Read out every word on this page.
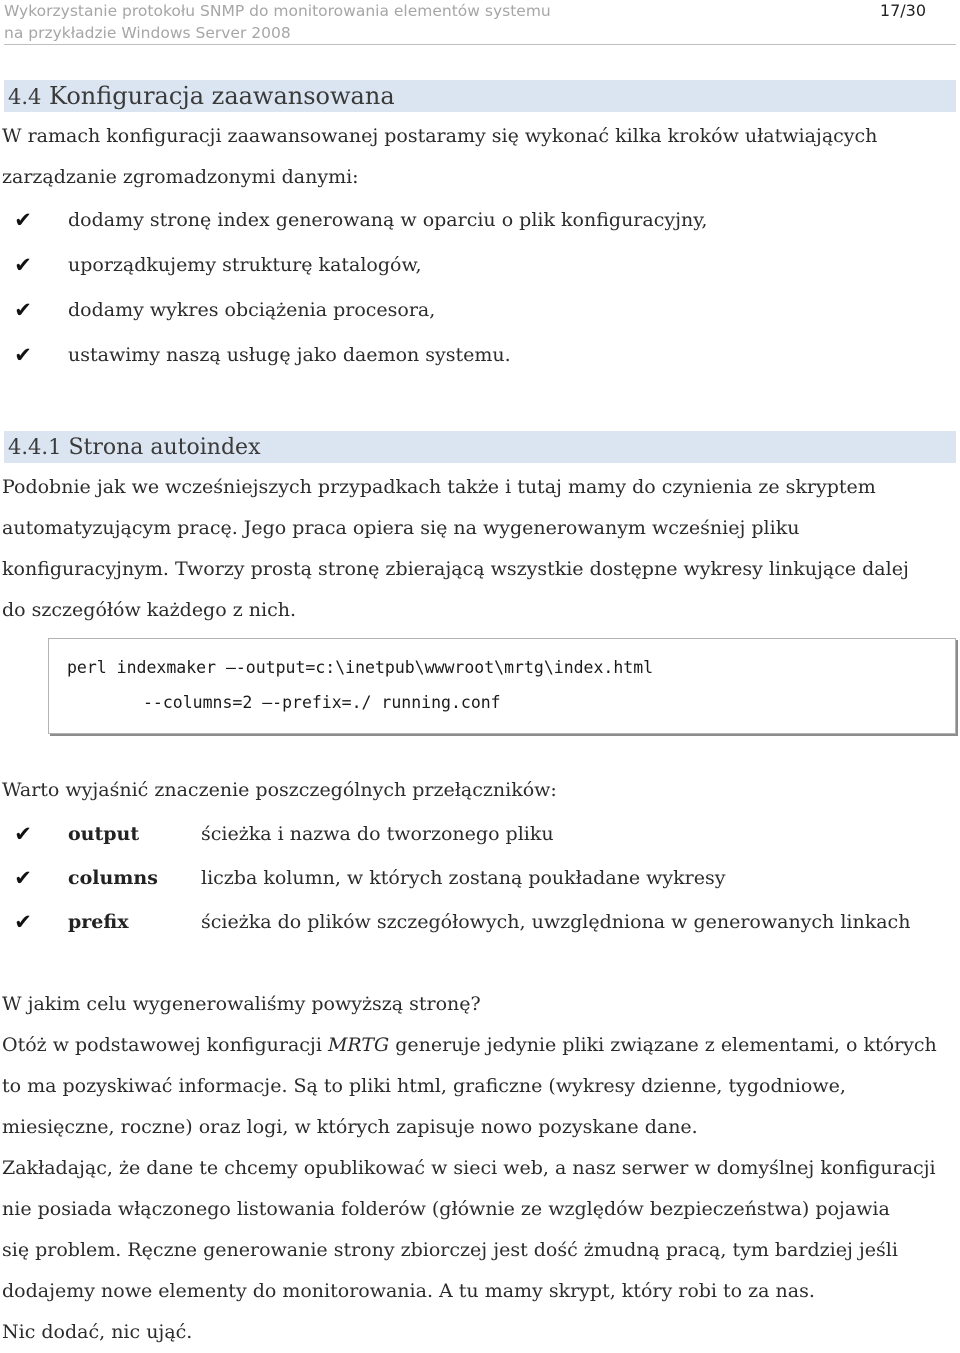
Wykorzystanie protokołu SNMP do monitorowania elementów systemu
na przykładzie Windows Server 2008
17/30
4.4 Konfiguracja zaawansowana

W ramach konfiguracji zaawansowanej postaramy się wykonać kilka kroków ułatwiających

zarządzanie zgromadzonymi danymi:

✔	dodamy stronę index generowaną w oparciu o plik konfiguracyjny,
✔	uporządkujemy strukturę katalogów,
✔	dodamy wykres obciążenia procesora,
✔	ustawimy naszą usługę jako daemon systemu.
4.4.1 Strona autoindex

Podobnie jak we wcześniejszych przypadkach także i tutaj mamy do czynienia ze skryptem

automatyzującym pracę. Jego praca opiera się na wygenerowanym wcześniej pliku

konfiguracyjnym. Tworzy prostą stronę zbierającą wszystkie dostępne wykresy linkujące dalej

do szczegółów każdego z nich.

perl indexmaker –-output=c:\inetpub\wwwroot\mrtg\index.html
--columns=2 –-prefix=./ running.conf

Warto wyjaśnić znaczenie poszczególnych przełączników:

✔	output	ścieżka i nazwa do tworzonego pliku
✔	columns liczba kolumn, w których zostaną poukładane wykresy
✔	prefix	ścieżka do plików szczegółowych, uwzględniona w generowanych linkach

W jakim celu wygenerowaliśmy powyższą stronę?

Otóż w podstawowej konfiguracji MRTG generuje jedynie pliki związane z elementami, o których

to ma pozyskiwać informacje. Są to pliki html, graficzne (wykresy dzienne, tygodniowe,

miesięczne, roczne) oraz logi, w których zapisuje nowo pozyskane dane.

Zakładając, że dane te chcemy opublikować w sieci web, a nasz serwer w domyślnej konfiguracji

nie posiada włączonego listowania folderów (głównie ze względów bezpieczeństwa) pojawia

się problem. Ręczne generowanie strony zbiorczej jest dość żmudną pracą, tym bardziej jeśli

dodajemy nowe elementy do monitorowania. A tu mamy skrypt, który robi to za nas.

Nic dodać, nic ująć.
